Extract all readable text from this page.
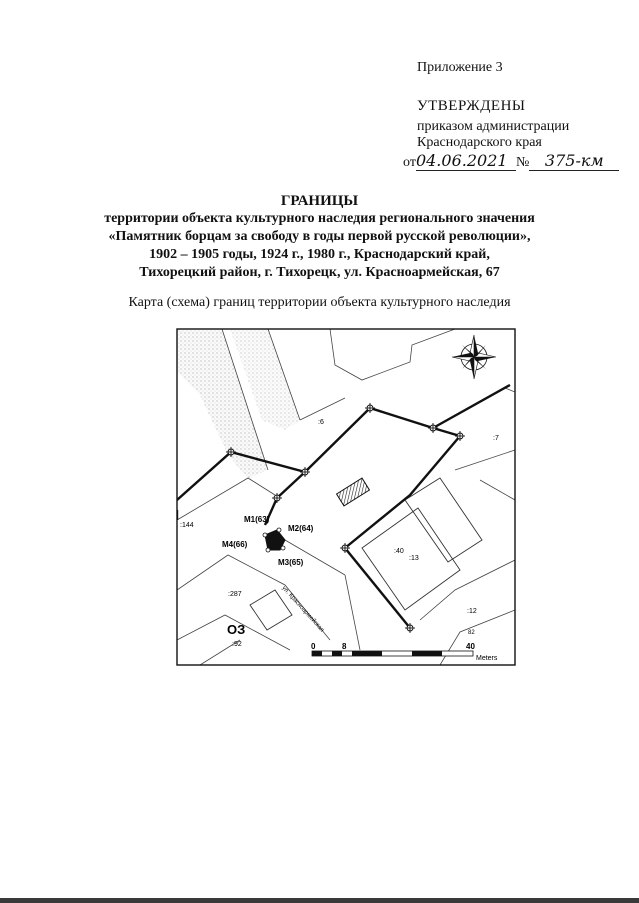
Приложение 3
УТВЕРЖДЕНЫ
приказом администрации
Краснодарского края
от04.06.2021 № 375-км
ГРАНИЦЫ
территории объекта культурного наследия регионального значения
«Памятник борцам за свободу в годы первой русской революции»,
1902 – 1905 годы, 1924 г., 1980 г., Краснодарский край,
Тихорецкий район, г. Тихорецк, ул. Красноармейская, 67
Карта (схема) границ территории объекта культурного наследия
М1(63)
М2(64)
М3(65)
М4(66)
:6
:7
:144
:40
:13
:287
:12
82
:92
ОЗ	ул. Красноармейская
0	8	40
Meters
